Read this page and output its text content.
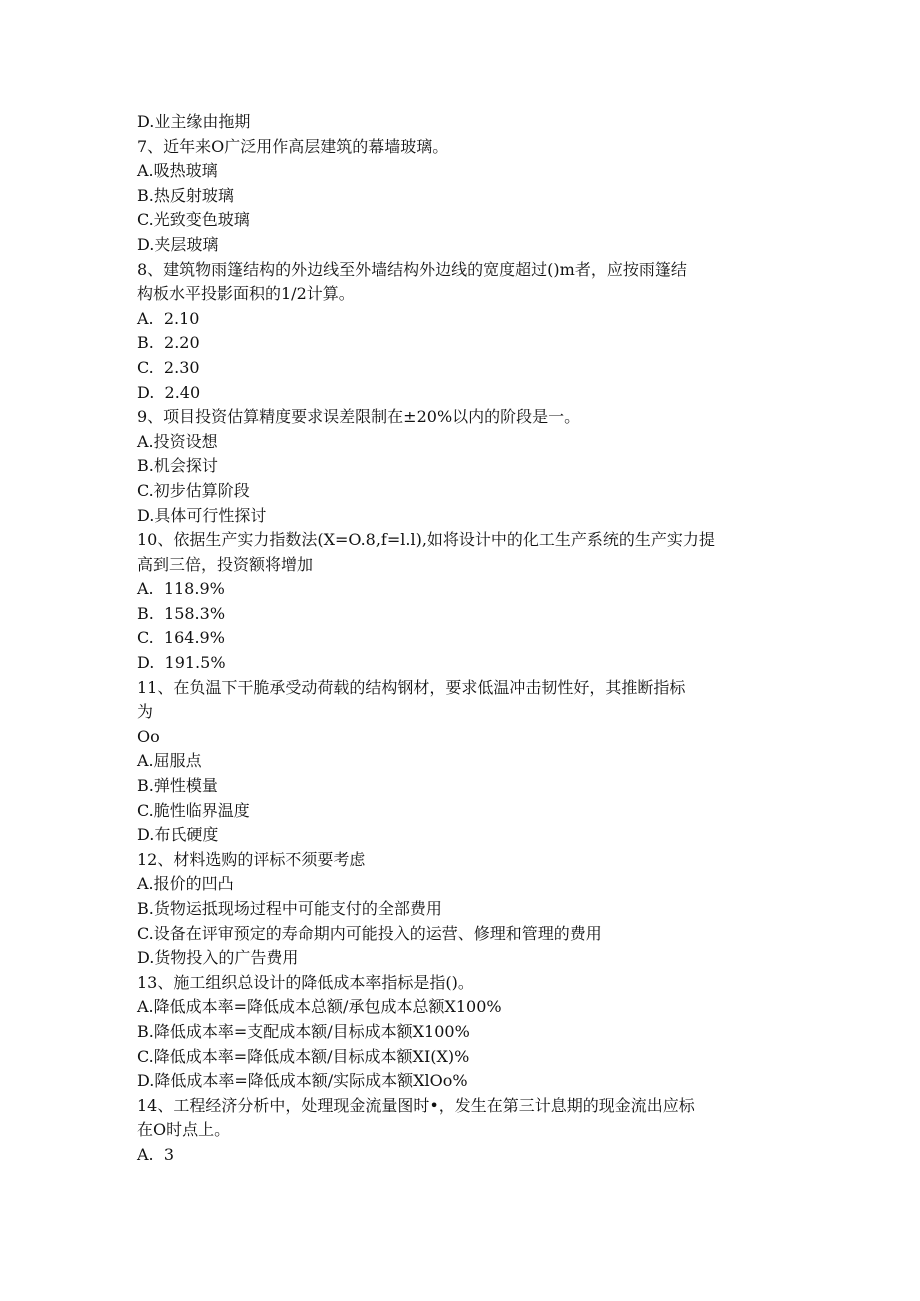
D.业主缘由拖期

7、近年来O广泛用作高层建筑的幕墙玻璃。

A.吸热玻璃

B.热反射玻璃

C.光致变色玻璃

D.夹层玻璃

8、建筑物雨篷结构的外边线至外墙结构外边线的宽度超过()m者，应按雨篷结

构板水平投影面积的1/2计算。

A.  2.10

B.  2.20

C.  2.30

D.  2.40

9、项目投资估算精度要求误差限制在±20%以内的阶段是一。

A.投资设想

B.机会探讨

C.初步估算阶段

D.具体可行性探讨

10、依据生产实力指数法(X=O.8,f=l.l),如将设计中的化工生产系统的生产实力提

高到三倍，投资额将增加

A.  118.9%

B.  158.3%

C.  164.9%

D.  191.5%

11、在负温下干脆承受动荷载的结构钢材，要求低温冲击韧性好，其推断指标

为

Oo

A.屈服点

B.弹性模量

C.脆性临界温度

D.布氏硬度

12、材料选购的评标不须要考虑

A.报价的凹凸

B.货物运抵现场过程中可能支付的全部费用

C.设备在评审预定的寿命期内可能投入的运营、修理和管理的费用

D.货物投入的广告费用

13、施工组织总设计的降低成本率指标是指()。

A.降低成本率=降低成本总额/承包成本总额X100%

B.降低成本率=支配成本额/目标成本额X100%

C.降低成本率=降低成本额/目标成本额XI(X)%

D.降低成本率=降低成本额/实际成本额XlOo%

14、工程经济分析中，处理现金流量图时•，发生在第三计息期的现金流出应标

在O时点上。

A.  3
